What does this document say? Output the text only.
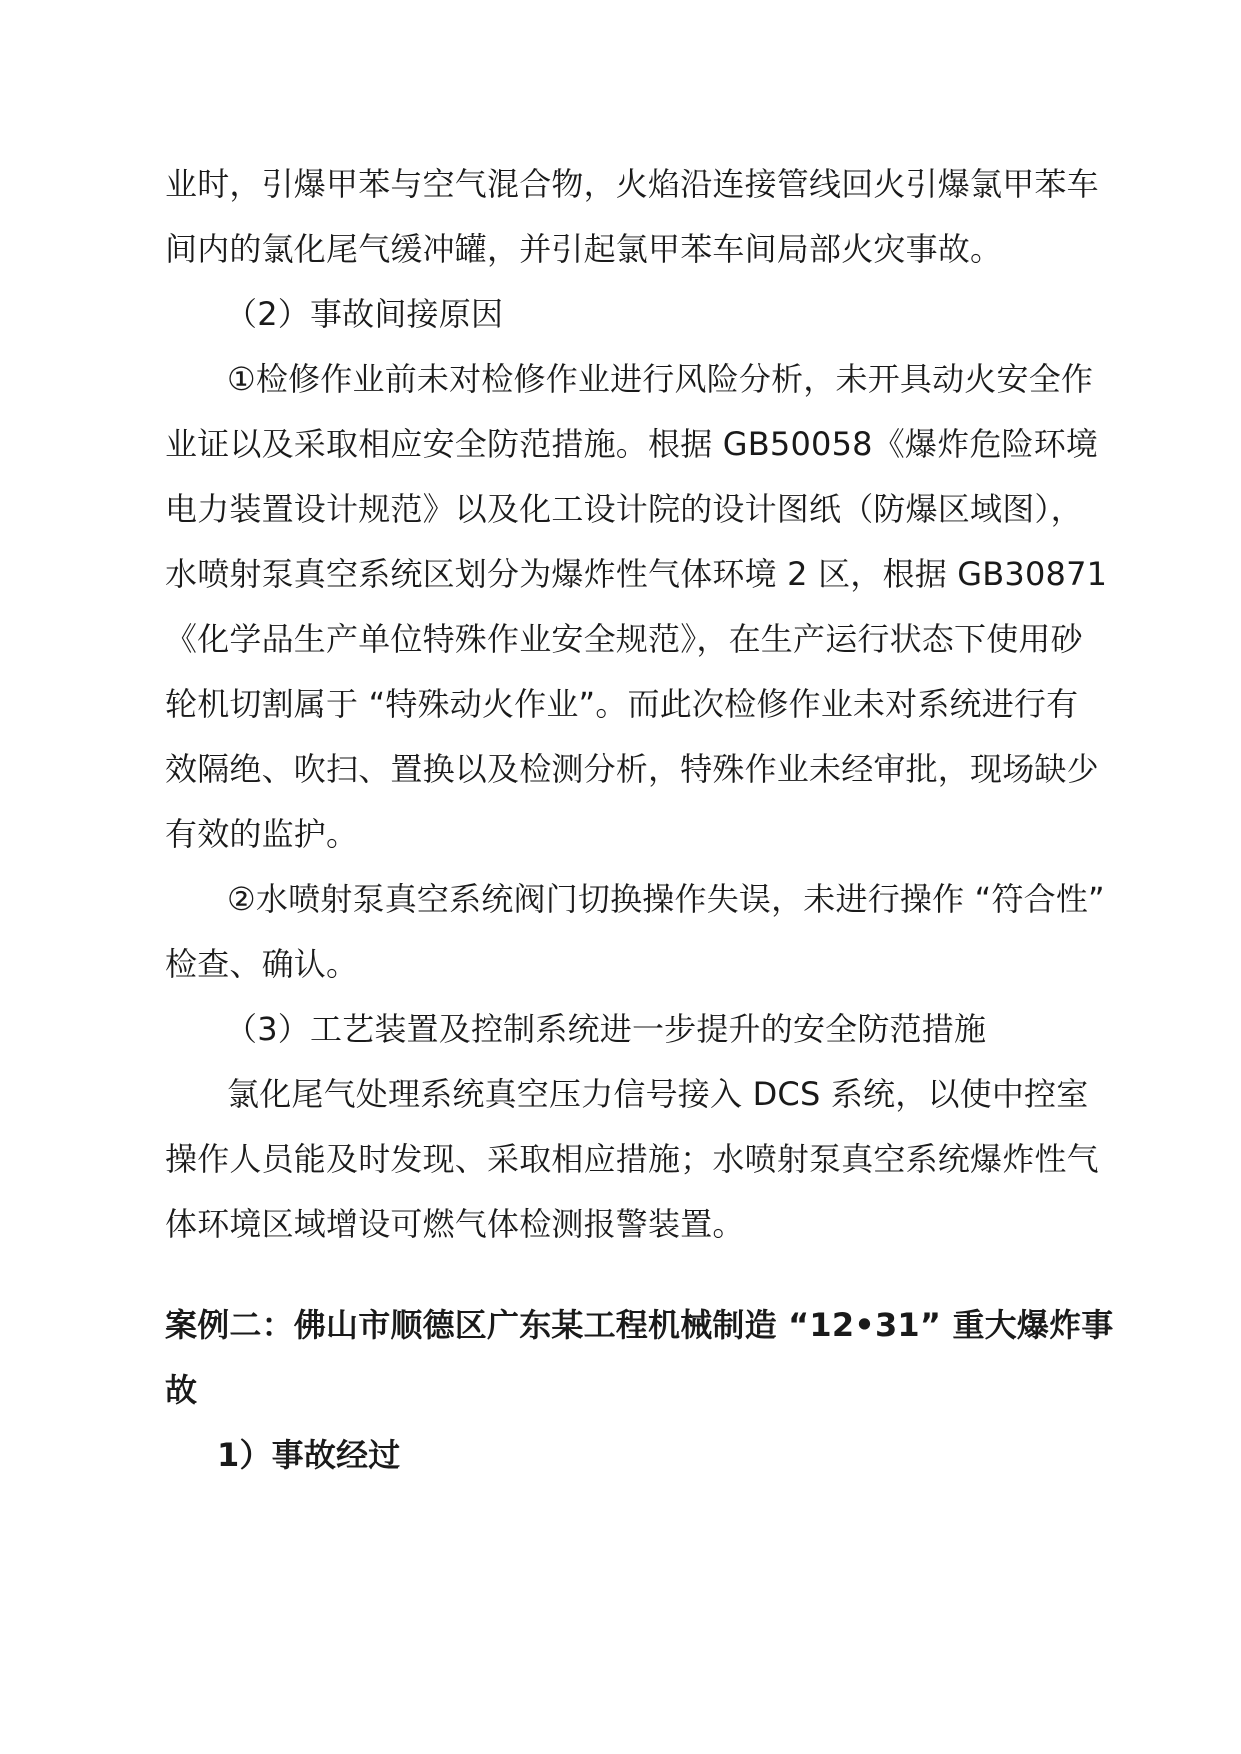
业时，引爆甲苯与空气混合物，火焰沿连接管线回火引爆氯甲苯车
间内的氯化尾气缓冲罐，并引起氯甲苯车间局部火灾事故。
（2）事故间接原因
①检修作业前未对检修作业进行风险分析，未开具动火安全作
业证以及采取相应安全防范措施。根据 GB50058《爆炸危险环境
电力装置设计规范》以及化工设计院的设计图纸（防爆区域图），
水喷射泵真空系统区划分为爆炸性气体环境 2 区，根据 GB30871
《化学品生产单位特殊作业安全规范》，在生产运行状态下使用砂
轮机切割属于 “特殊动火作业”。而此次检修作业未对系统进行有
效隔绝、吹扫、置换以及检测分析，特殊作业未经审批，现场缺少
有效的监护。
②水喷射泵真空系统阀门切换操作失误，未进行操作 “符合性”
检查、确认。
（3）工艺装置及控制系统进一步提升的安全防范措施
氯化尾气处理系统真空压力信号接入 DCS 系统，以使中控室
操作人员能及时发现、采取相应措施；水喷射泵真空系统爆炸性气
体环境区域增设可燃气体检测报警装置。
案例二：佛山市顺德区广东某工程机械制造 “12•31” 重大爆炸事
故
1）事故经过
